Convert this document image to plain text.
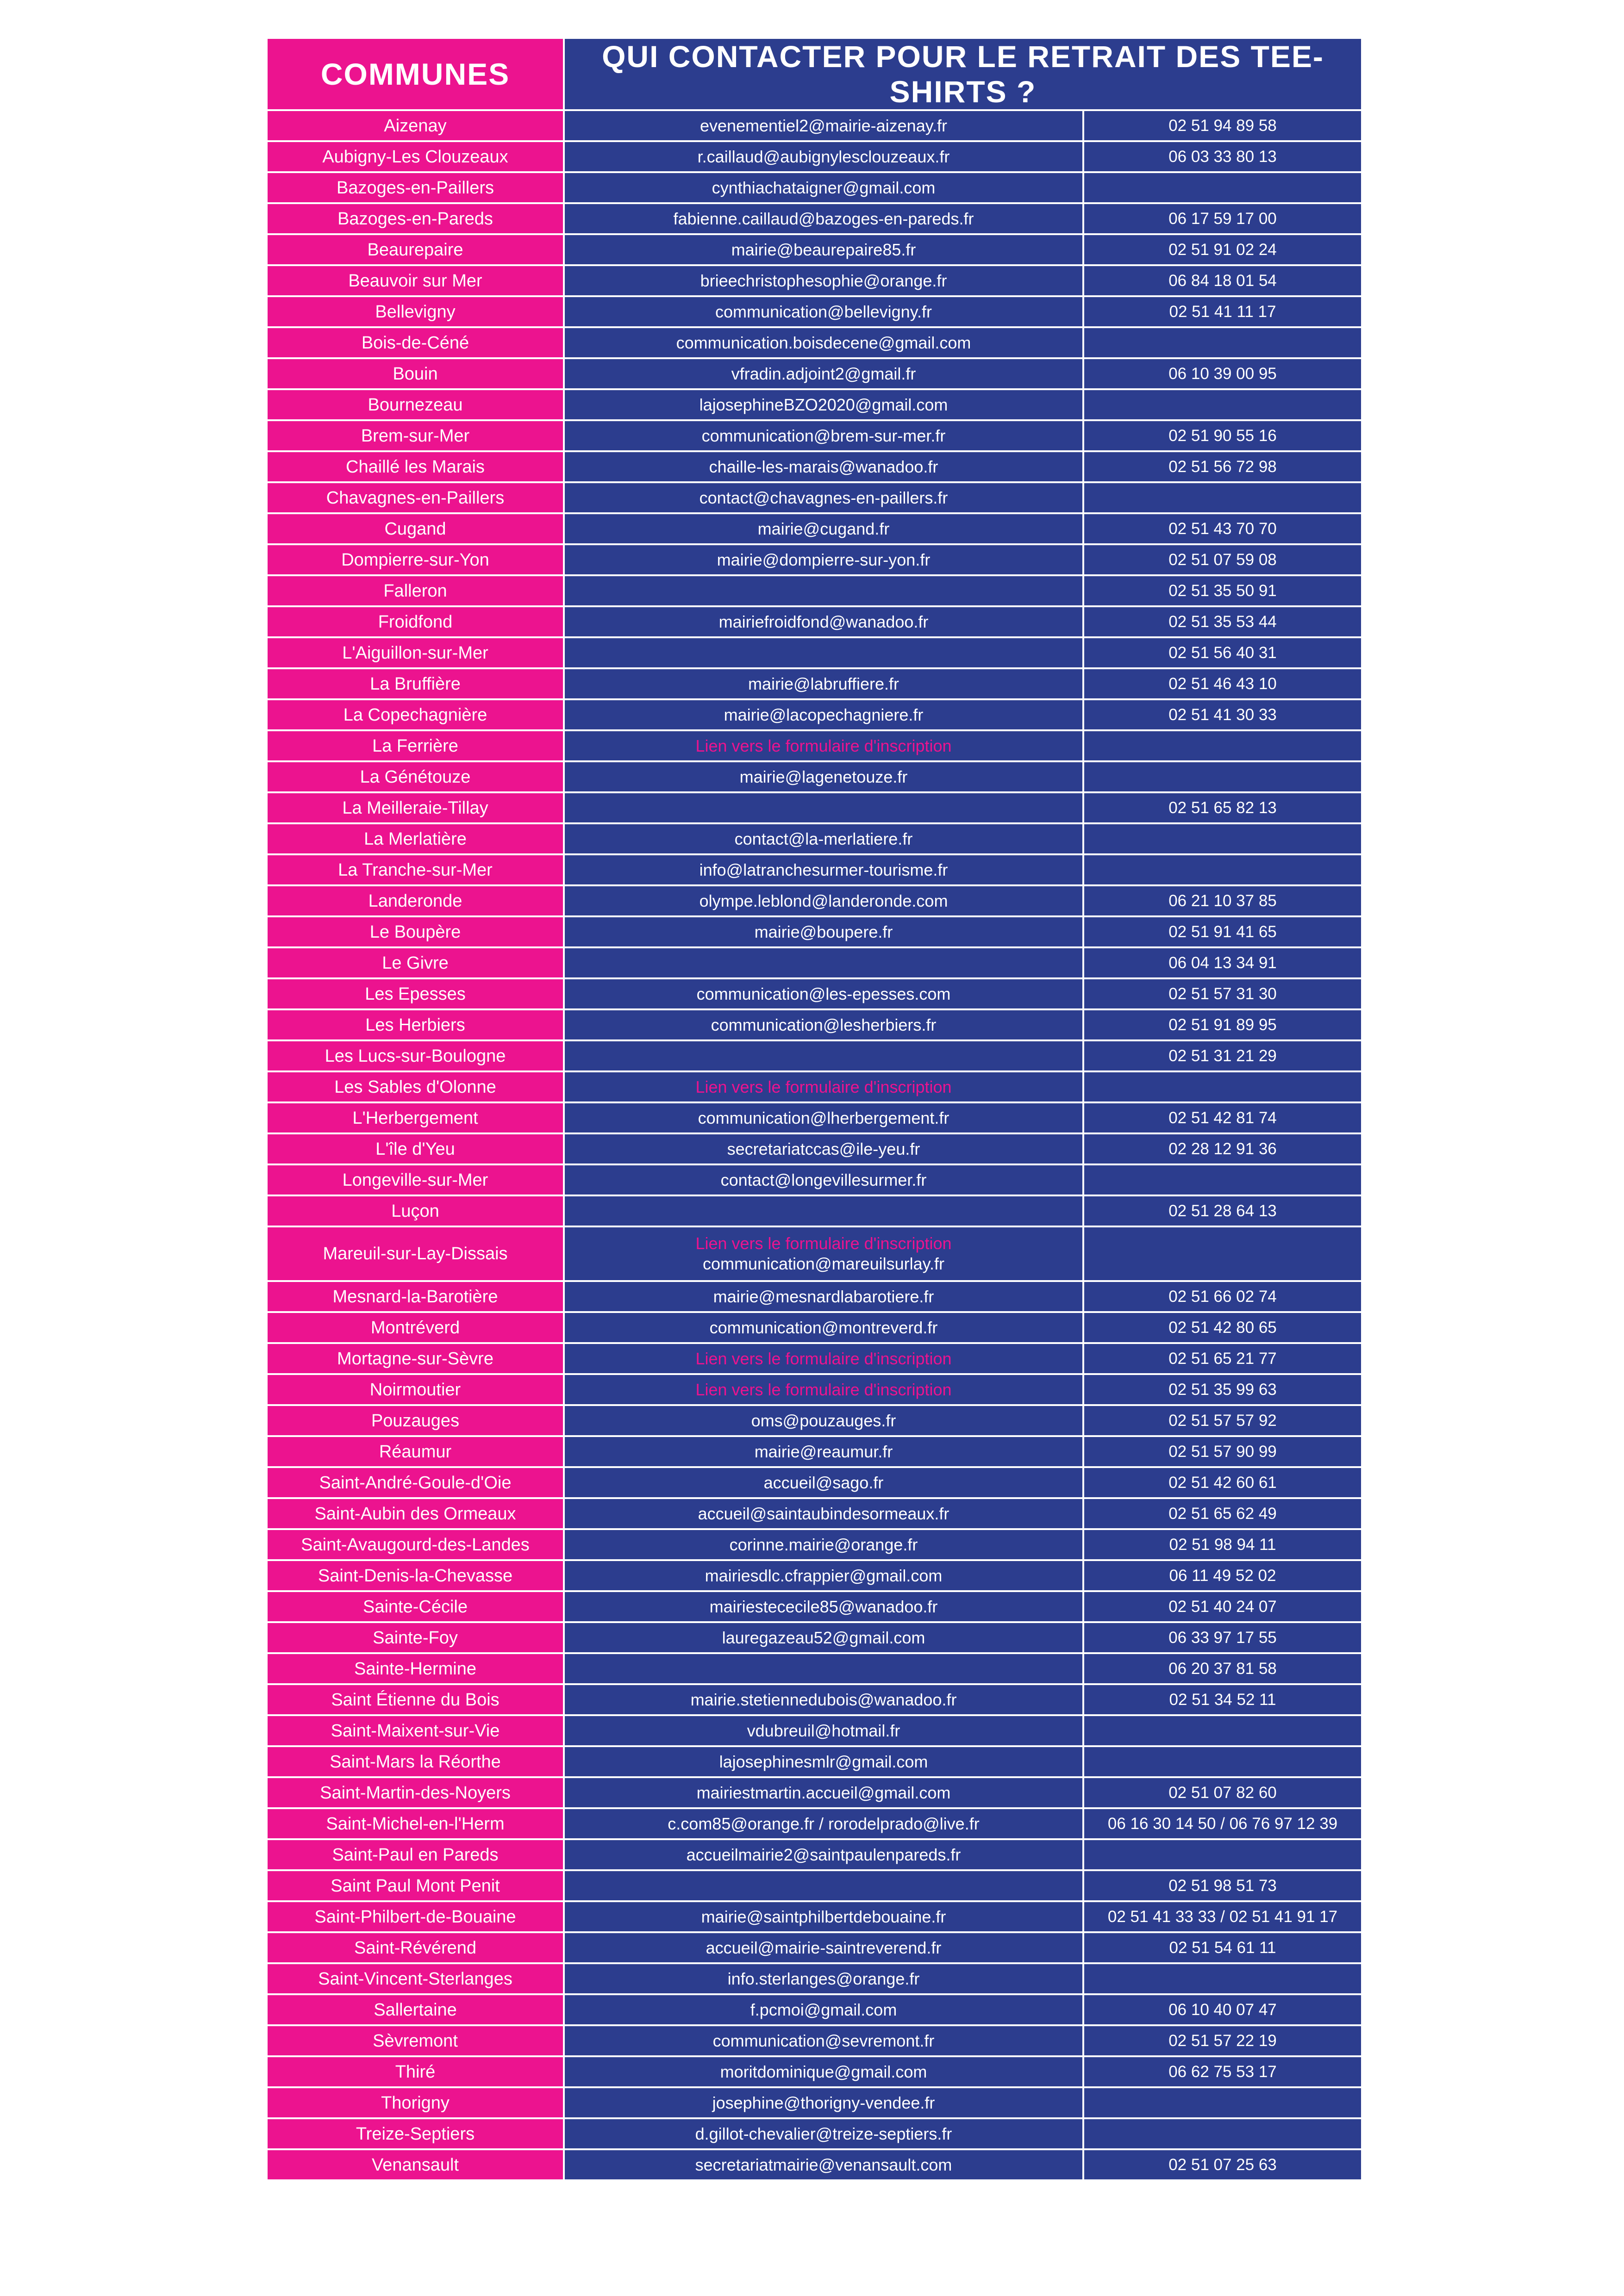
COMMUNES	QUI CONTACTER POUR LE RETRAIT DES TEE-SHIRTS ?	
Aizenay	evenementiel2@mairie-aizenay.fr	02 51 94 89 58
Aubigny-Les Clouzeaux	r.caillaud@aubignylesclouzeaux.fr	06 03 33 80 13
Bazoges-en-Paillers	cynthiachataigner@gmail.com	

Bazoges-en-Pareds	fabienne.caillaud@bazoges-en-pareds.fr	06 17 59 17 00
Beaurepaire	mairie@beaurepaire85.fr	02 51 91 02 24
Beauvoir sur Mer	brieechristophesophie@orange.fr	06 84 18 01 54
Bellevigny	communication@bellevigny.fr	02 51 41 11 17
Bois-de-Céné	communication.boisdecene@gmail.com	

Bouin	vfradin.adjoint2@gmail.fr	06 10 39 00 95
Bournezeau	lajosephineBZO2020@gmail.com	

Brem-sur-Mer	communication@brem-sur-mer.fr	02 51 90 55 16
Chaillé les Marais	chaille-les-marais@wanadoo.fr	02 51 56 72 98
Chavagnes-en-Paillers	contact@chavagnes-en-paillers.fr	

Cugand	mairie@cugand.fr	02 51 43 70 70
Dompierre-sur-Yon	mairie@dompierre-sur-yon.fr	02 51 07 59 08
Falleron		02 51 35 50 91
Froidfond	mairiefroidfond@wanadoo.fr	02 51 35 53 44
L'Aiguillon-sur-Mer		02 51 56 40 31
La Bruffière	mairie@labruffiere.fr	02 51 46 43 10
La Copechagnière	mairie@lacopechagniere.fr	02 51 41 30 33
La Ferrière	Lien vers le formulaire d'inscription	

La Génétouze	mairie@lagenetouze.fr	

La Meilleraie-Tillay		02 51 65 82 13
La Merlatière	contact@la-merlatiere.fr	

La Tranche-sur-Mer	info@latranchesurmer-tourisme.fr	

Landeronde	olympe.leblond@landeronde.com	06 21 10 37 85
Le Boupère	mairie@boupere.fr	02 51 91 41 65
Le Givre		06 04 13 34 91
Les Epesses	communication@les-epesses.com	02 51 57 31 30
Les Herbiers	communication@lesherbiers.fr	02 51 91 89 95
Les Lucs-sur-Boulogne		02 51 31 21 29
Les Sables d'Olonne	Lien vers le formulaire d'inscription	

L'Herbergement	communication@lherbergement.fr	02 51 42 81 74
L'île d'Yeu	secretariatccas@ile-yeu.fr	02 28 12 91 36
Longeville-sur-Mer	contact@longevillesurmer.fr	

Luçon		02 51 28 64 13
Mareuil-sur-Lay-Dissais	Lien vers le formulaire d'inscription
communication@mareuilsurlay.fr	

Mesnard-la-Barotière	mairie@mesnardlabarotiere.fr	02 51 66 02 74
Montréverd	communication@montreverd.fr	02 51 42 80 65
Mortagne-sur-Sèvre	Lien vers le formulaire d'inscription	02 51 65 21 77
Noirmoutier	Lien vers le formulaire d'inscription	02 51 35 99 63
Pouzauges	oms@pouzauges.fr	02 51 57 57 92
Réaumur	mairie@reaumur.fr	02 51 57 90 99
Saint-André-Goule-d'Oie	accueil@sago.fr	02 51 42 60 61
Saint-Aubin des Ormeaux	accueil@saintaubindesormeaux.fr	02 51 65 62 49
Saint-Avaugourd-des-Landes	corinne.mairie@orange.fr	02 51 98 94 11
Saint-Denis-la-Chevasse	mairiesdlc.cfrappier@gmail.com	06 11 49 52 02
Sainte-Cécile	mairiestececile85@wanadoo.fr	02 51 40 24 07
Sainte-Foy	lauregazeau52@gmail.com	06 33 97 17 55
Sainte-Hermine		06 20 37 81 58
Saint Étienne du Bois	mairie.stetiennedubois@wanadoo.fr	02 51 34 52 11
Saint-Maixent-sur-Vie	vdubreuil@hotmail.fr	

Saint-Mars la Réorthe	lajosephinesmlr@gmail.com	

Saint-Martin-des-Noyers	mairiestmartin.accueil@gmail.com	02 51 07 82 60
Saint-Michel-en-l'Herm	c.com85@orange.fr / rorodelprado@live.fr	06 16 30 14 50 / 06 76 97 12 39
Saint-Paul en Pareds	accueilmairie2@saintpaulenpareds.fr	

Saint Paul Mont Penit		02 51 98 51 73
Saint-Philbert-de-Bouaine	mairie@saintphilbertdebouaine.fr	02 51 41 33 33 / 02 51 41 91 17
Saint-Révérend	accueil@mairie-saintreverend.fr	02 51 54 61 11
Saint-Vincent-Sterlanges	info.sterlanges@orange.fr	

Sallertaine	f.pcmoi@gmail.com	06 10 40 07 47
Sèvremont	communication@sevremont.fr	02 51 57 22 19
Thiré	moritdominique@gmail.com	06 62 75 53 17
Thorigny	josephine@thorigny-vendee.fr	

Treize-Septiers	d.gillot-chevalier@treize-septiers.fr	

Venansault	secretariatmairie@venansault.com	02 51 07 25 63
